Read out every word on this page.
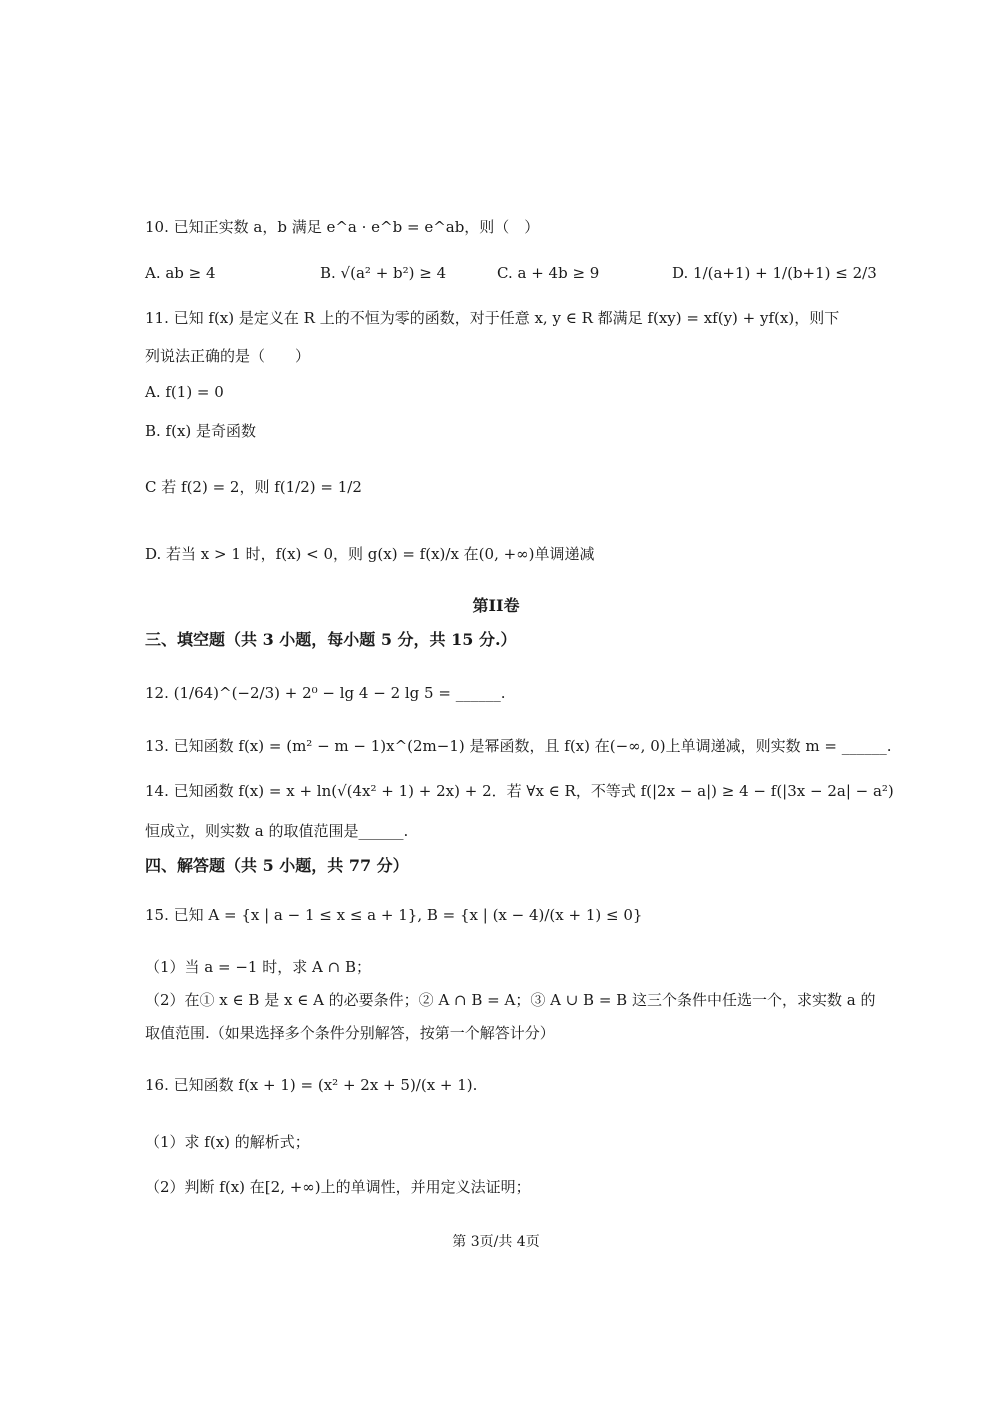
10. 已知正实数 a，b 满足 e^a · e^b = e^ab，则（　）
A. ab ≥ 4	B. √(a² + b²) ≥ 4	C. a + 4b ≥ 9	D. 1/(a+1) + 1/(b+1) ≤ 2/3
11. 已知 f(x) 是定义在 R 上的不恒为零的函数，对于任意 x, y ∈ R 都满足 f(xy) = xf(y) + yf(x)，则下
列说法正确的是（　　）
A. f(1) = 0
B. f(x) 是奇函数
C 若 f(2) = 2，则 f(1/2) = 1/2
D. 若当 x > 1 时，f(x) < 0，则 g(x) = f(x)/x 在(0, +∞)单调递减
第II卷
三、填空题（共 3 小题，每小题 5 分，共 15 分.）
12. (1/64)^(−2/3) + 2⁰ − lg 4 − 2 lg 5 = ______.
13. 已知函数 f(x) = (m² − m − 1)x^(2m−1) 是幂函数，且 f(x) 在(−∞, 0)上单调递减，则实数 m = ______.
14. 已知函数 f(x) = x + ln(√(4x² + 1) + 2x) + 2．若 ∀x ∈ R，不等式 f(|2x − a|) ≥ 4 − f(|3x − 2a| − a²)
恒成立，则实数 a 的取值范围是______.
四、解答题（共 5 小题，共 77 分）
15. 已知 A = {x | a − 1 ≤ x ≤ a + 1}, B = {x | (x − 4)/(x + 1) ≤ 0}
（1）当 a = −1 时，求 A ∩ B；
（2）在① x ∈ B 是 x ∈ A 的必要条件；② A ∩ B = A；③ A ∪ B = B 这三个条件中任选一个，求实数 a 的
取值范围.（如果选择多个条件分别解答，按第一个解答计分）
16. 已知函数 f(x + 1) = (x² + 2x + 5)/(x + 1).
（1）求 f(x) 的解析式；
（2）判断 f(x) 在[2, +∞)上的单调性，并用定义法证明；
第 3页/共 4页
